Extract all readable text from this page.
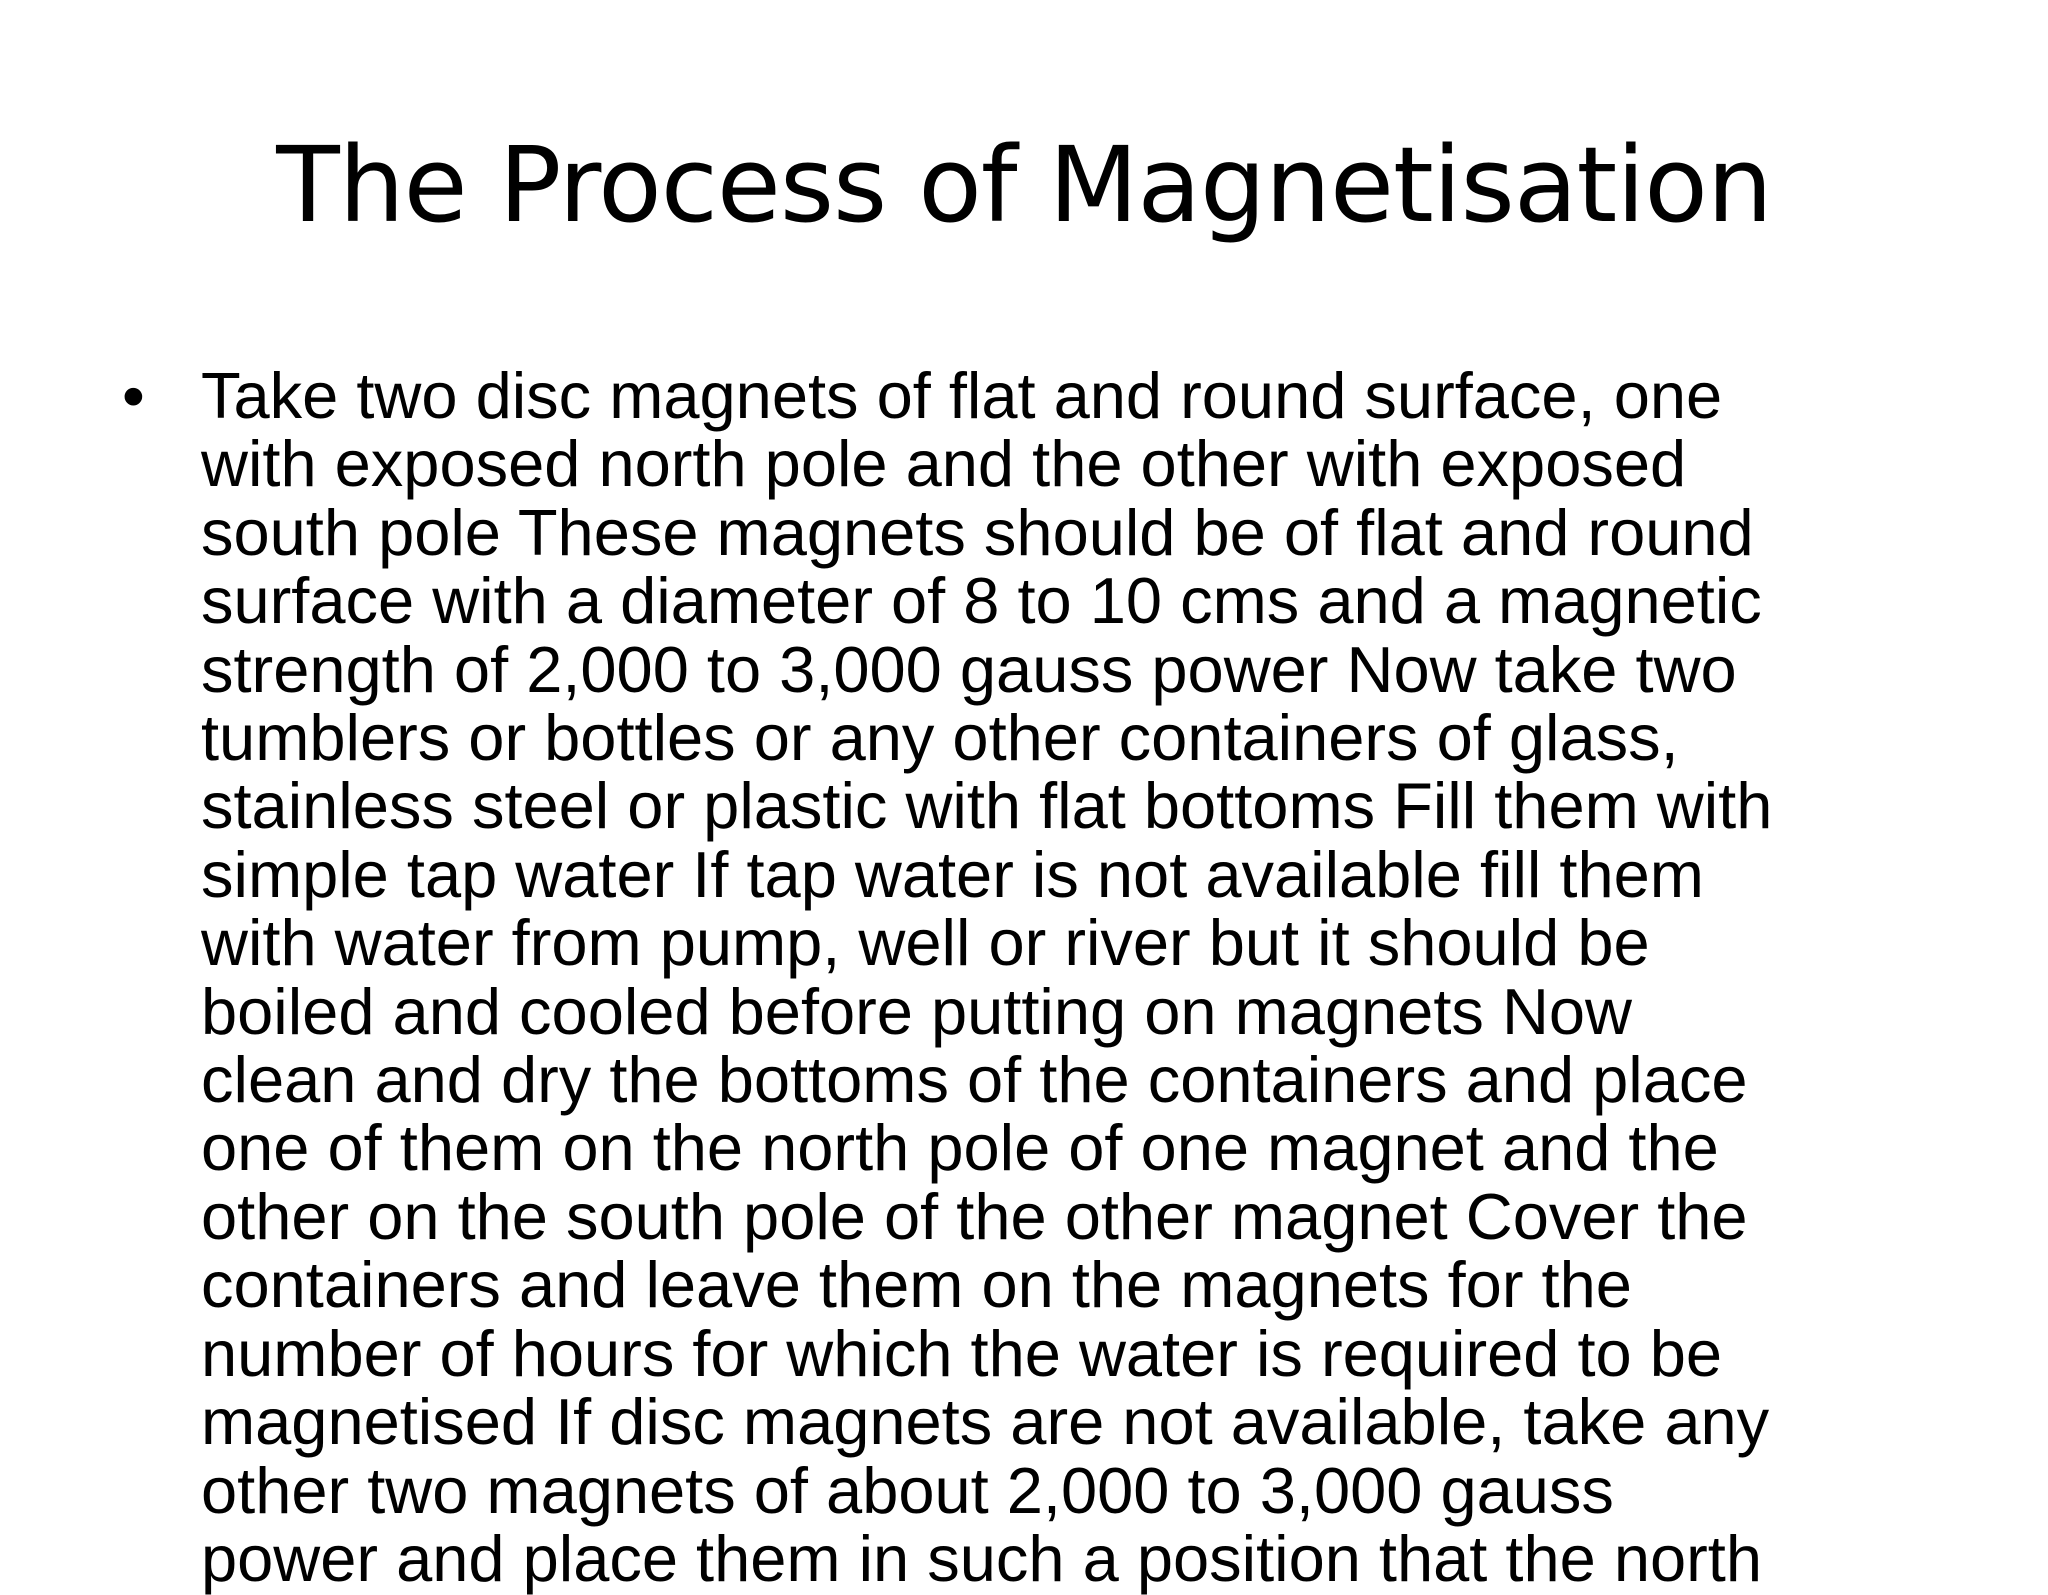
The Process of Magnetisation
• Take two disc magnets of flat and round surface, one
with exposed north pole and the other with exposed
south pole These magnets should be of flat and round
surface with a diameter of 8 to 10 cms and a magnetic
strength of 2,000 to 3,000 gauss power Now take two
tumblers or bottles or any other containers of glass,
stainless steel or plastic with flat bottoms Fill them with
simple tap water If tap water is not available fill them
with water from pump, well or river but it should be
boiled and cooled before putting on magnets Now
clean and dry the bottoms of the containers and place
one of them on the north pole of one magnet and the
other on the south pole of the other magnet Cover the
containers and leave them on the magnets for the
number of hours for which the water is required to be
magnetised If disc magnets are not available, take any
other two magnets of about 2,000 to 3,000 gauss
power and place them in such a position that the north
